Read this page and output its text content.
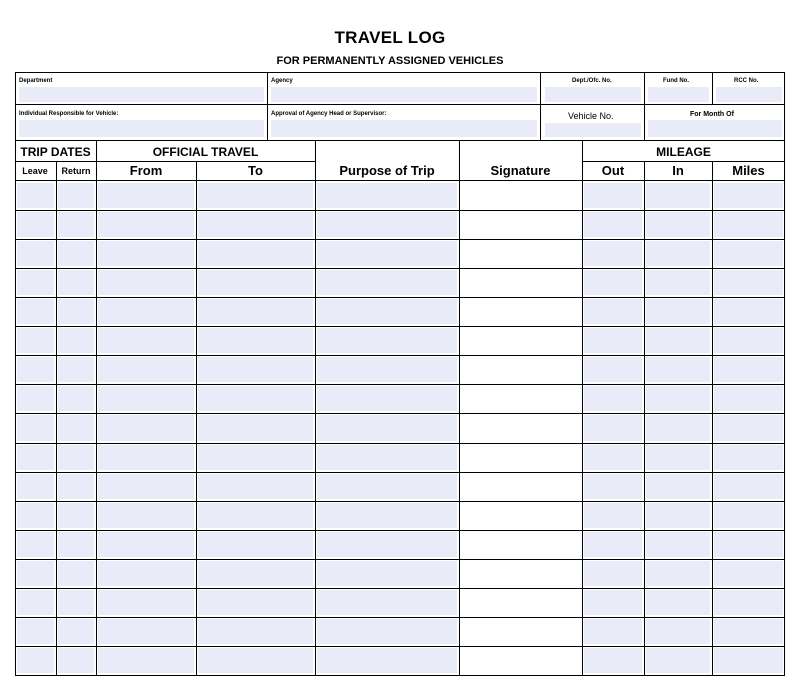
TRAVEL LOG
FOR PERMANENTLY ASSIGNED VEHICLES
Department	Agency	Dept./Ofc. No.	Fund No.	RCC No.
Individual Responsible for Vehicle:	Approval of Agency Head or Supervisor:	Vehicle No.	For Month Of
TRIP DATES	OFFICIAL TRAVEL	MILEAGE
Leave	Return	From	To	Purpose of Trip	Signature	Out	In	Miles
